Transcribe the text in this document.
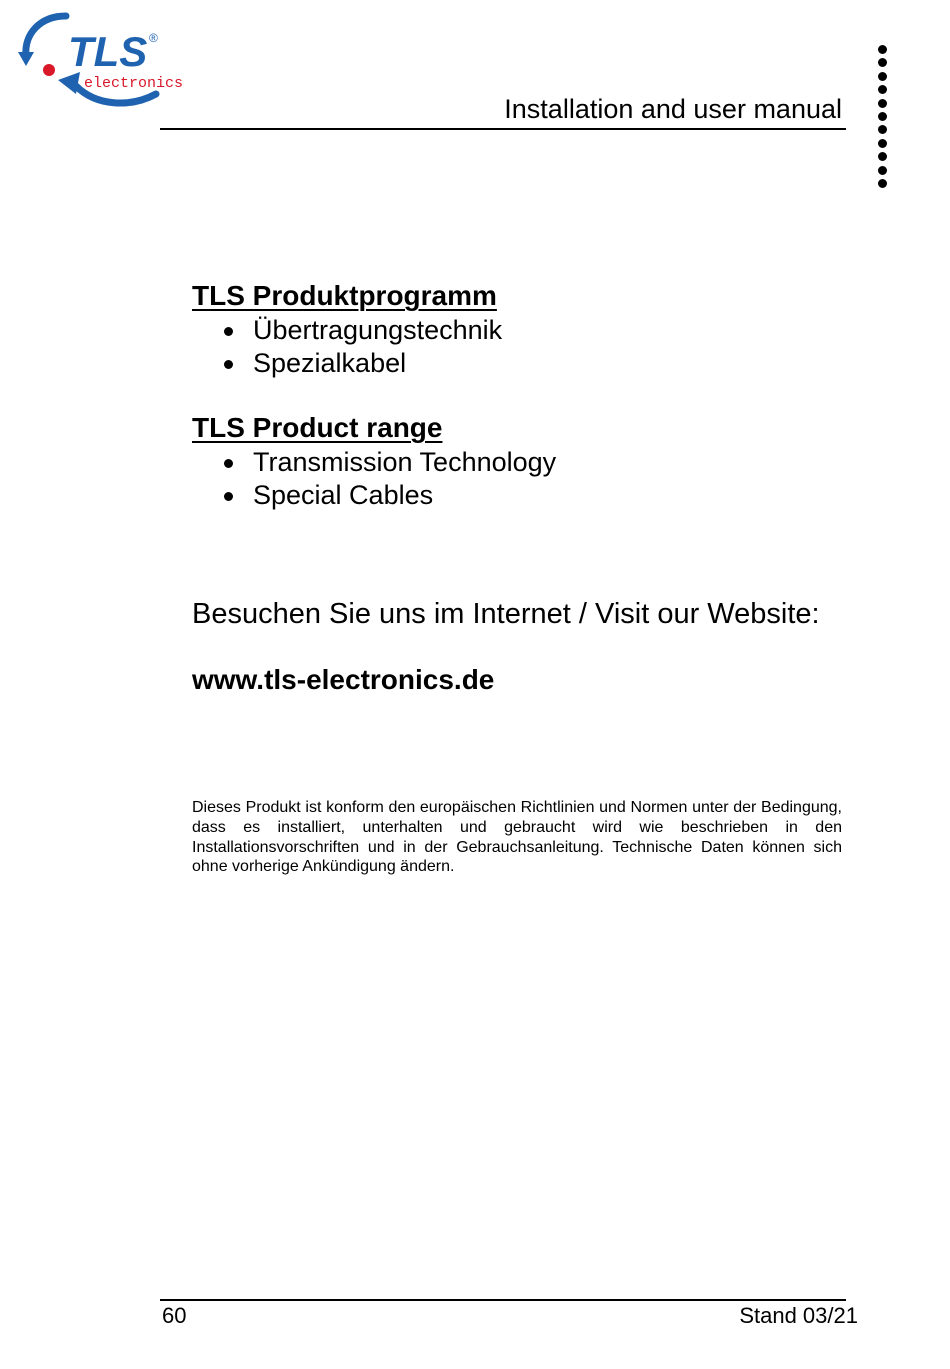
TLS ®
electronics
Installation and user manual
TLS Produktprogramm
Übertragungstechnik
Spezialkabel
TLS Product range
Transmission Technology
Special Cables
Besuchen Sie uns im Internet / Visit our Website:
www.tls-electronics.de

Dieses Produkt ist konform den europäischen Richtlinien und Normen unter der Bedingung, dass es installiert, unterhalten und gebraucht wird wie beschrieben in den Installationsvorschriften und in der Gebrauchsanleitung. Technische Daten können sich ohne vorherige Ankündigung ändern.

60	Stand 03/21
